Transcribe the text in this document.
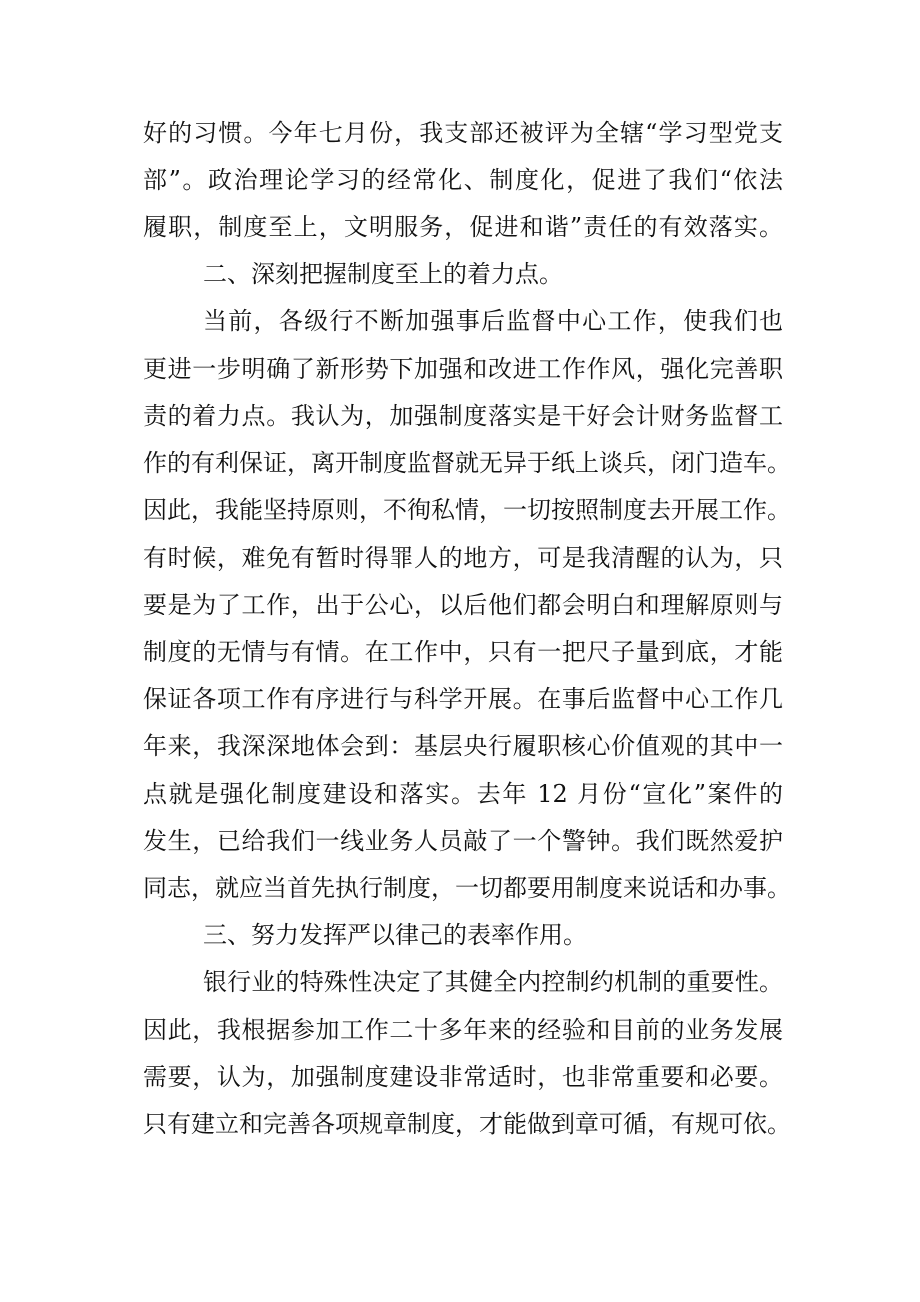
好的习惯。今年七月份，我支部还被评为全辖“学习型党支
部”。政治理论学习的经常化、制度化，促进了我们“依法
履职，制度至上，文明服务，促进和谐”责任的有效落实。
二、深刻把握制度至上的着力点。
当前，各级行不断加强事后监督中心工作，使我们也
更进一步明确了新形势下加强和改进工作作风，强化完善职
责的着力点。我认为，加强制度落实是干好会计财务监督工
作的有利保证，离开制度监督就无异于纸上谈兵，闭门造车。
因此，我能坚持原则，不徇私情，一切按照制度去开展工作。
有时候，难免有暂时得罪人的地方，可是我清醒的认为，只
要是为了工作，出于公心，以后他们都会明白和理解原则与
制度的无情与有情。在工作中，只有一把尺子量到底，才能
保证各项工作有序进行与科学开展。在事后监督中心工作几
年来，我深深地体会到：基层央行履职核心价值观的其中一
点就是强化制度建设和落实。去年 12 月份“宣化”案件的
发生，已给我们一线业务人员敲了一个警钟。我们既然爱护
同志，就应当首先执行制度，一切都要用制度来说话和办事。
三、努力发挥严以律己的表率作用。
银行业的特殊性决定了其健全内控制约机制的重要性。
因此，我根据参加工作二十多年来的经验和目前的业务发展
需要，认为，加强制度建设非常适时，也非常重要和必要。
只有建立和完善各项规章制度，才能做到章可循，有规可依。
